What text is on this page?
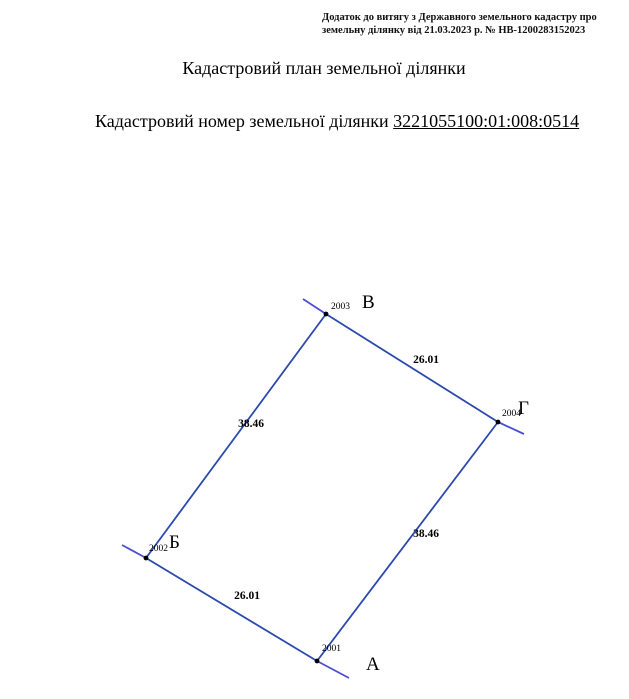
Додаток до витягу з Державного земельного кадастру про
земельну ділянку від 21.03.2023 р. № НВ-1200283152023
Кадастровий план земельної ділянки
Кадастровий номер земельної ділянки 3221055100:01:008:0514
26.01
38.46
26.01
38.46
2001
А
2002 Б
2003 В
2004
Г
